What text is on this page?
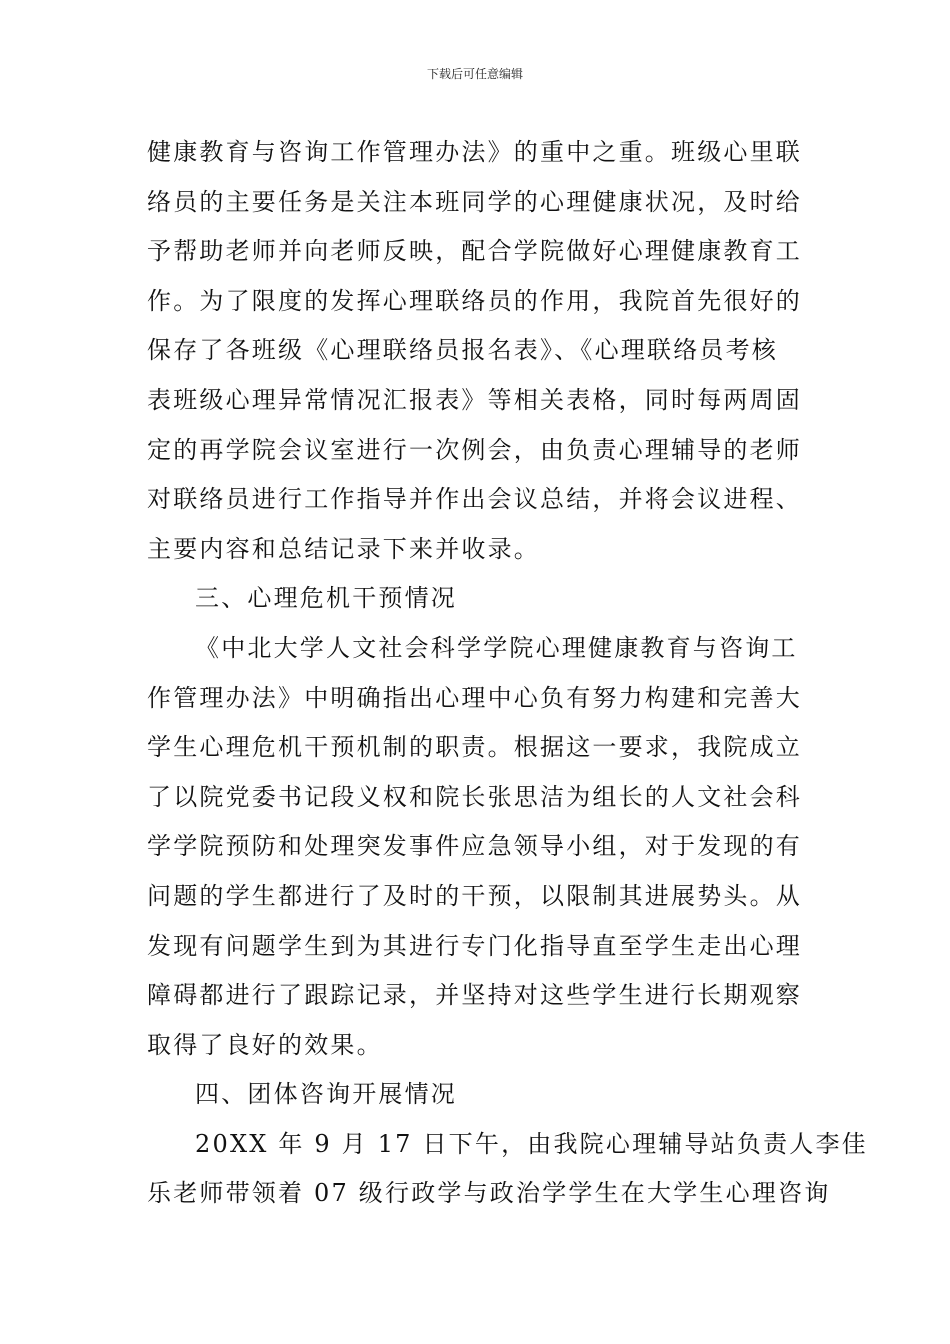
下载后可任意编辑
健康教育与咨询工作管理办法》的重中之重。班级心里联
络员的主要任务是关注本班同学的心理健康状况，及时给
予帮助老师并向老师反映，配合学院做好心理健康教育工
作。为了限度的发挥心理联络员的作用，我院首先很好的
保存了各班级《心理联络员报名表》、《心理联络员考核
表班级心理异常情况汇报表》等相关表格，同时每两周固
定的再学院会议室进行一次例会，由负责心理辅导的老师
对联络员进行工作指导并作出会议总结，并将会议进程、
主要内容和总结记录下来并收录。
三、心理危机干预情况
《中北大学人文社会科学学院心理健康教育与咨询工
作管理办法》中明确指出心理中心负有努力构建和完善大
学生心理危机干预机制的职责。根据这一要求，我院成立
了以院党委书记段义权和院长张思洁为组长的人文社会科
学学院预防和处理突发事件应急领导小组，对于发现的有
问题的学生都进行了及时的干预，以限制其进展势头。从
发现有问题学生到为其进行专门化指导直至学生走出心理
障碍都进行了跟踪记录，并坚持对这些学生进行长期观察
取得了良好的效果。
四、团体咨询开展情况
20XX 年 9 月 17 日下午，由我院心理辅导站负责人李佳
乐老师带领着 07 级行政学与政治学学生在大学生心理咨询
